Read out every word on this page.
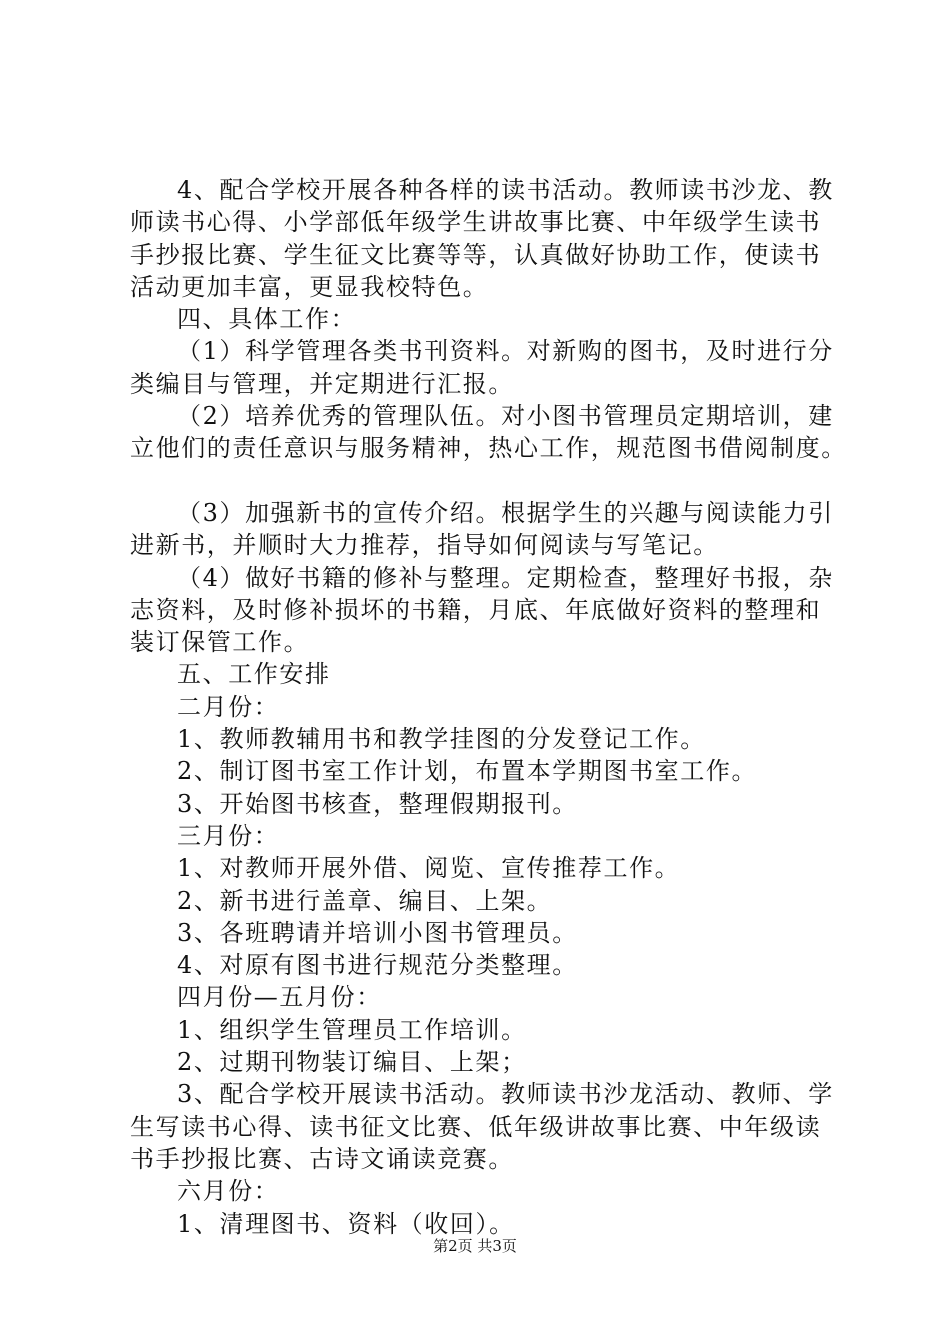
4、配合学校开展各种各样的读书活动。教师读书沙龙、教
师读书心得、小学部低年级学生讲故事比赛、中年级学生读书
手抄报比赛、学生征文比赛等等，认真做好协助工作，使读书
活动更加丰富，更显我校特色。
四、具体工作：
（1）科学管理各类书刊资料。对新购的图书，及时进行分
类编目与管理，并定期进行汇报。
（2）培养优秀的管理队伍。对小图书管理员定期培训，建
立他们的责任意识与服务精神，热心工作，规范图书借阅制度。
（3）加强新书的宣传介绍。根据学生的兴趣与阅读能力引
进新书，并顺时大力推荐，指导如何阅读与写笔记。
（4）做好书籍的修补与整理。定期检查，整理好书报，杂
志资料，及时修补损坏的书籍，月底、年底做好资料的整理和
装订保管工作。
五、工作安排
二月份：
1、教师教辅用书和教学挂图的分发登记工作。
2、制订图书室工作计划，布置本学期图书室工作。
3、开始图书核查，整理假期报刊。
三月份：
1、对教师开展外借、阅览、宣传推荐工作。
2、新书进行盖章、编目、上架。
3、各班聘请并培训小图书管理员。
4、对原有图书进行规范分类整理。
四月份—五月份：
1、组织学生管理员工作培训。
2、过期刊物装订编目、上架；
3、配合学校开展读书活动。教师读书沙龙活动、教师、学
生写读书心得、读书征文比赛、低年级讲故事比赛、中年级读
书手抄报比赛、古诗文诵读竞赛。
六月份：
1、清理图书、资料（收回）。
第2页 共3页
